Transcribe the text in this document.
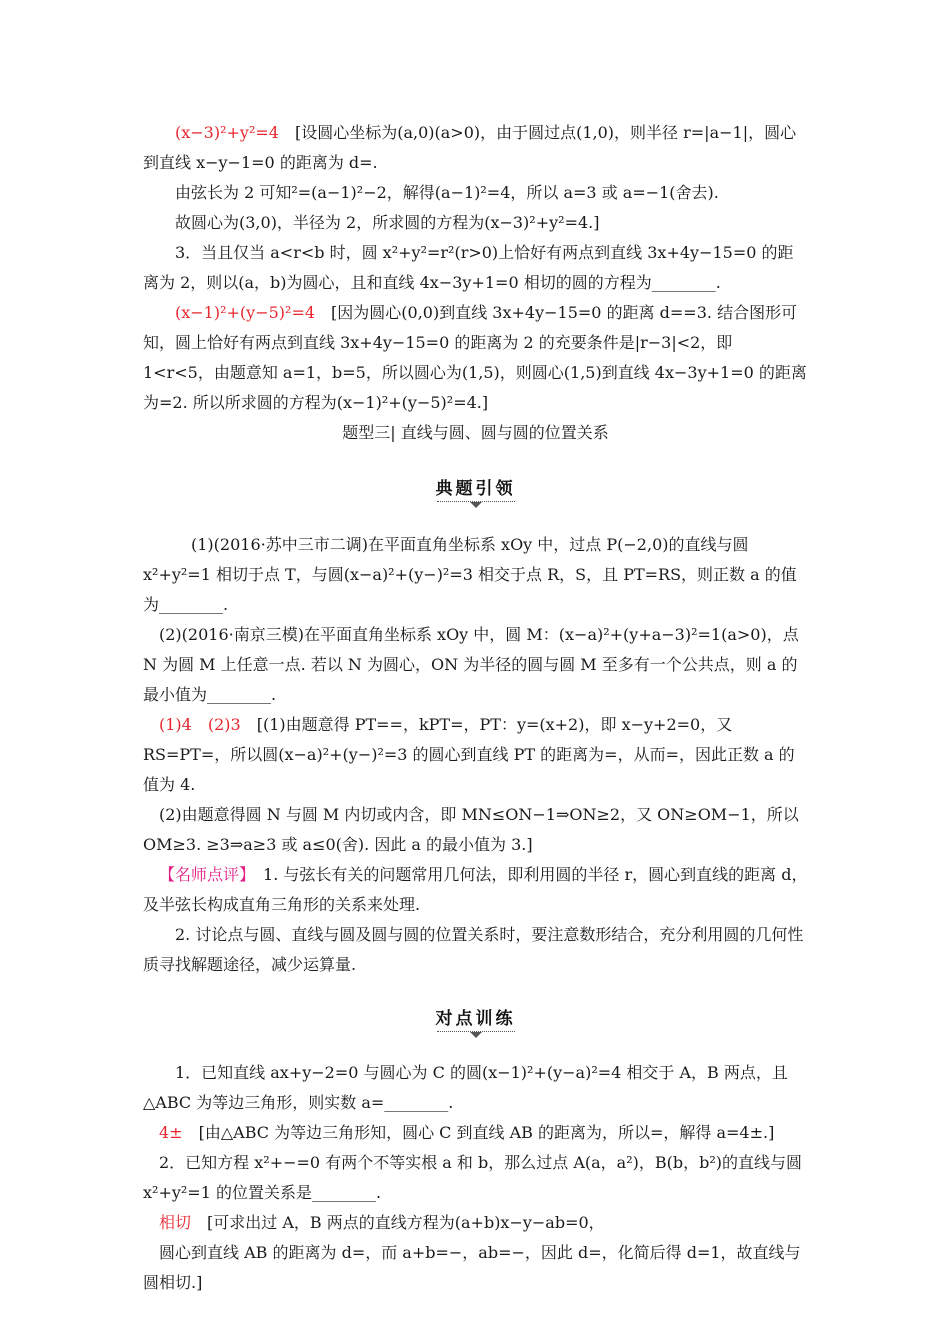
(x−3)²+y²=4　 [设圆心坐标为(a,0)(a>0)，由于圆过点(1,0)，则半径 r=|a−1|，圆心到直线 x−y−1=0 的距离为 d=.

由弦长为 2 可知²=(a−1)²−2，解得(a−1)²=4，所以 a=3 或 a=−1(舍去).

故圆心为(3,0)，半径为 2，所求圆的方程为(x−3)²+y²=4.]

3．当且仅当 a<r<b 时，圆 x²+y²=r²(r>0)上恰好有两点到直线 3x+4y−15=0 的距离为 2，则以(a，b)为圆心，且和直线 4x−3y+1=0 相切的圆的方程为________.

(x−1)²+(y−5)²=4　 [因为圆心(0,0)到直线 3x+4y−15=0 的距离 d==3. 结合图形可知，圆上恰好有两点到直线 3x+4y−15=0 的距离为 2 的充要条件是|r−3|<2，即 1<r<5，由题意知 a=1，b=5，所以圆心为(1,5)，则圆心(1,5)到直线 4x−3y+1=0 的距离为=2. 所以所求圆的方程为(x−1)²+(y−5)²=4.]

题型三| 直线与圆、圆与圆的位置关系

典题引领

(1)(2016·苏中三市二调)在平面直角坐标系 xOy 中，过点 P(−2,0)的直线与圆 x²+y²=1 相切于点 T，与圆(x−a)²+(y−)²=3 相交于点 R，S，且 PT=RS，则正数 a 的值为________.

(2)(2016·南京三模)在平面直角坐标系 xOy 中，圆 M：(x−a)²+(y+a−3)²=1(a>0)，点 N 为圆 M 上任意一点. 若以 N 为圆心，ON 为半径的圆与圆 M 至多有一个公共点，则 a 的最小值为________.

(1)4　(2)3　 [(1)由题意得 PT==，kPT=，PT：y=(x+2)，即 x−y+2=0，又 RS=PT=，所以圆(x−a)²+(y−)²=3 的圆心到直线 PT 的距离为=，从而=，因此正数 a 的值为 4.

(2)由题意得圆 N 与圆 M 内切或内含，即 MN≤ON−1⇒ON≥2，又 ON≥OM−1，所以 OM≥3. ≥3⇒a≥3 或 a≤0(舍). 因此 a 的最小值为 3.]

【名师点评】　 1. 与弦长有关的问题常用几何法，即利用圆的半径 r，圆心到直线的距离 d，及半弦长构成直角三角形的关系来处理.

2. 讨论点与圆、直线与圆及圆与圆的位置关系时，要注意数形结合，充分利用圆的几何性质寻找解题途径，减少运算量.

对点训练

1．已知直线 ax+y−2=0 与圆心为 C 的圆(x−1)²+(y−a)²=4 相交于 A，B 两点，且△ABC 为等边三角形，则实数 a=________.

4±　 [由△ABC 为等边三角形知，圆心 C 到直线 AB 的距离为，所以=，解得 a=4±.]

2．已知方程 x²+−=0 有两个不等实根 a 和 b，那么过点 A(a，a²)，B(b，b²)的直线与圆 x²+y²=1 的位置关系是________.

相切　 [可求出过 A，B 两点的直线方程为(a+b)x−y−ab=0，

圆心到直线 AB 的距离为 d=，而 a+b=−，ab=−，因此 d=，化简后得 d=1，故直线与圆相切.]
